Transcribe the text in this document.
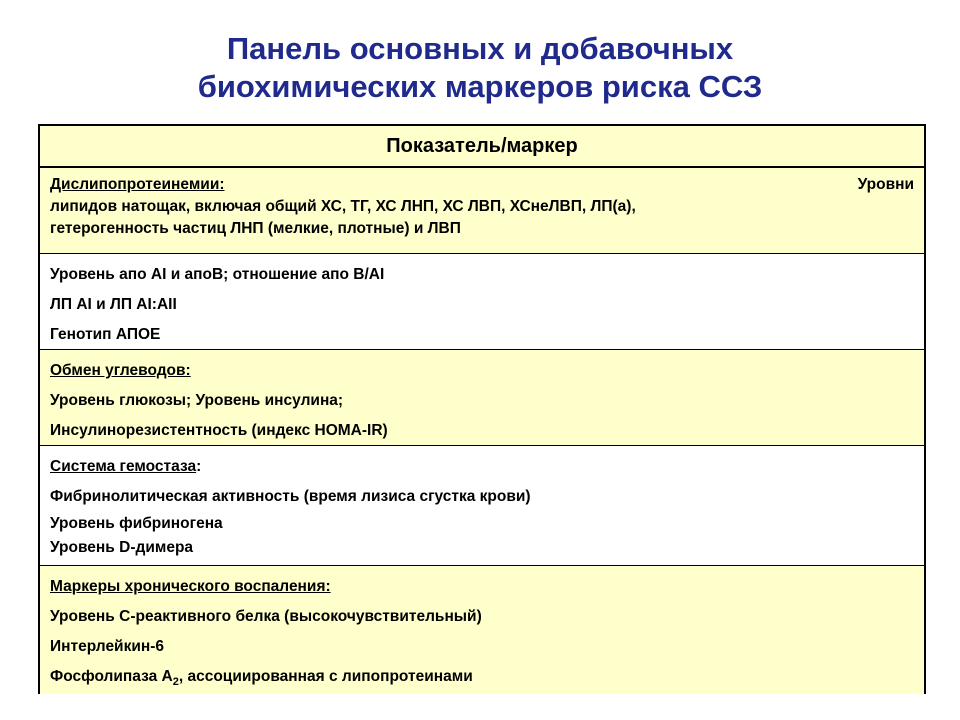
Панель основных и добавочных
биохимических маркеров риска ССЗ
Показатель/маркер
Дислипопротеинемии:	Уровни
липидов натощак, включая общий ХС, ТГ, ХС ЛНП, ХС ЛВП, ХСнеЛВП, ЛП(а),
гетерогенность частиц ЛНП (мелкие, плотные) и ЛВП
Уровень апо AI и апоB; отношение апо B/AI
ЛП AI и ЛП AI:AII
Генотип АПОЕ
Обмен углеводов:
Уровень глюкозы; Уровень инсулина;
Инсулинорезистентность (индекс HOMA-IR)
Система гемостаза:
Фибринолитическая активность (время лизиса сгустка крови)
Уровень фибриногена
Уровень D-димера
Маркеры хронического воспаления:
Уровень С-реактивного белка (высокочувствительный)
Интерлейкин-6
Фосфолипаза $А_2$, ассоциированная с липопротеинами
